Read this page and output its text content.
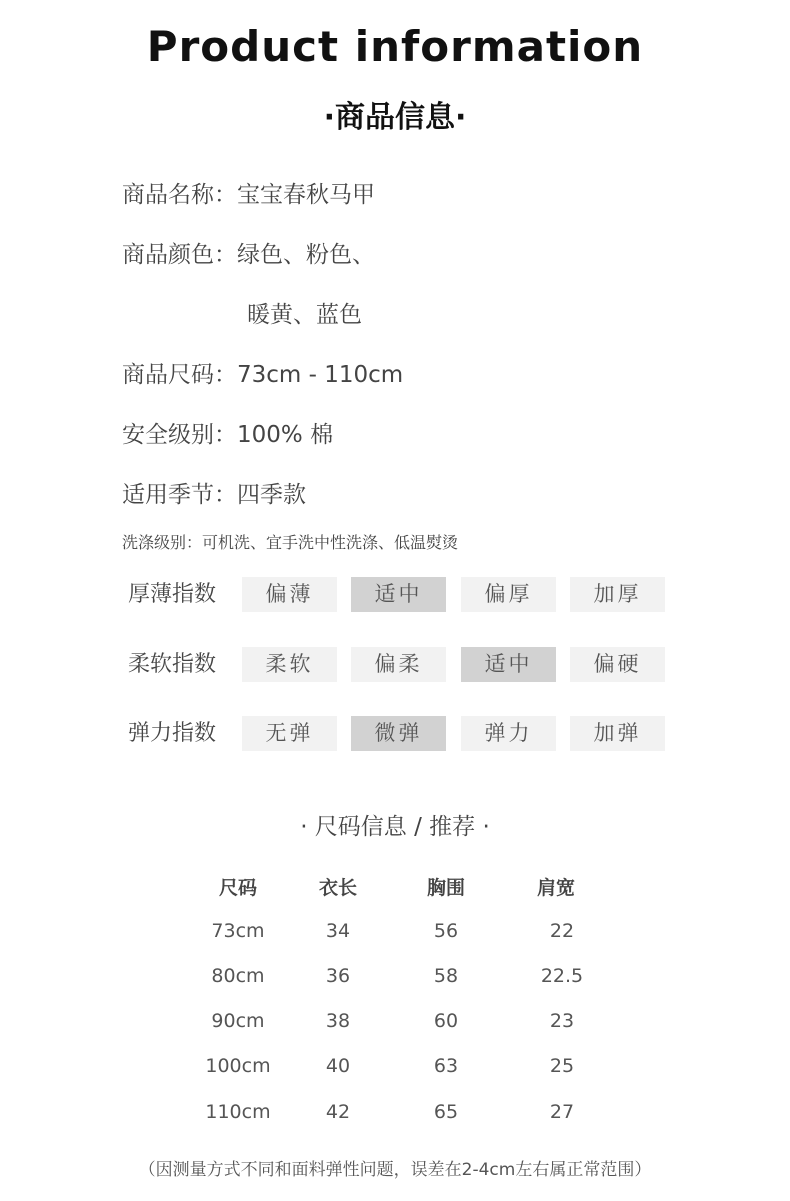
Product information
·商品信息·
商品名称：宝宝春秋马甲
商品颜色：绿色、粉色、
暖黄、蓝色
商品尺码：73cm - 110cm
安全级别：100% 棉
适用季节：四季款
洗涤级别：可机洗、宜手洗中性洗涤、低温熨烫
厚薄指数	偏薄	适中	偏厚	加厚
柔软指数	柔软	偏柔	适中	偏硬
弹力指数	无弹	微弹	弹力	加弹
· 尺码信息 / 推荐 ·
尺码	衣长	胸围	肩宽
73cm	34	56	22
80cm	36	58	22.5
90cm	38	60	23
100cm	40	63	25
110cm	42	65	27
（因测量方式不同和面料弹性问题，误差在2-4cm左右属正常范围）
